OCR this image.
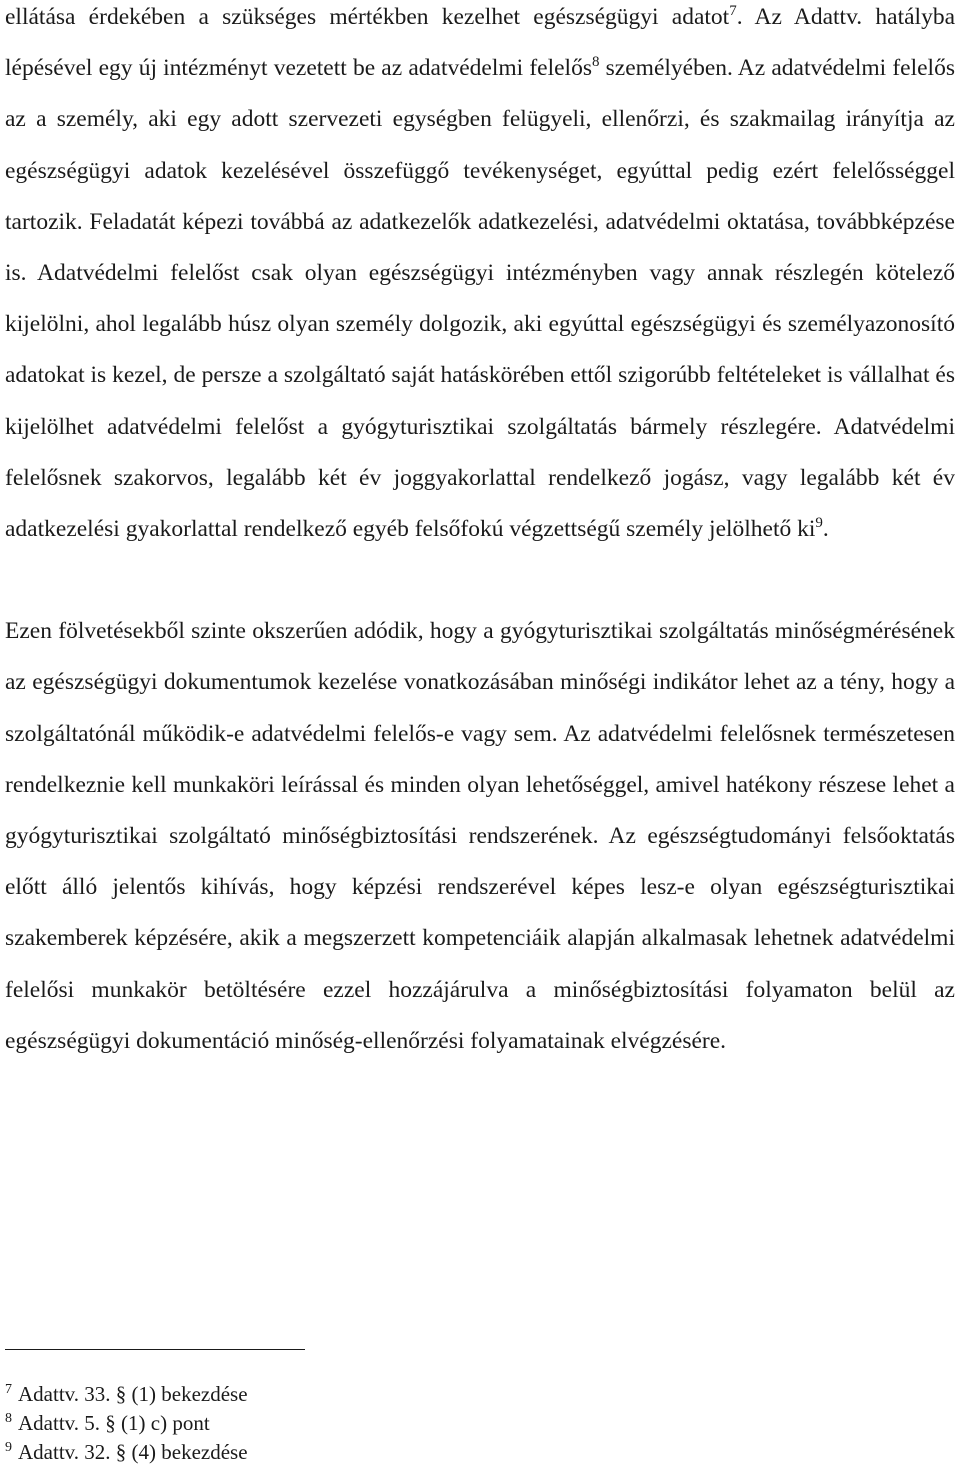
ellátása érdekében a szükséges mértékben kezelhet egészségügyi adatot$^7$. Az Adattv. hatályba lépésével egy új intézményt vezetett be az adatvédelmi felelős$^8$ személyében. Az adatvédelmi felelős az a személy, aki egy adott szervezeti egységben felügyeli, ellenőrzi, és szakmailag irányítja az egészségügyi adatok kezelésével összefüggő tevékenységet, egyúttal pedig ezért felelősséggel tartozik. Feladatát képezi továbbá az adatkezelők adatkezelési, adatvédelmi oktatása, továbbképzése is. Adatvédelmi felelőst csak olyan egészségügyi intézményben vagy annak részlegén kötelező kijelölni, ahol legalább húsz olyan személy dolgozik, aki egyúttal egészségügyi és személyazonosító adatokat is kezel, de persze a szolgáltató saját hatáskörében ettől szigorúbb feltételeket is vállalhat és kijelölhet adatvédelmi felelőst a gyógyturisztikai szolgáltatás bármely részlegére. Adatvédelmi felelősnek szakorvos, legalább két év joggyakorlattal rendelkező jogász, vagy legalább két év adatkezelési gyakorlattal rendelkező egyéb felsőfokú végzettségű személy jelölhető $ki^9$.

Ezen fölvetésekből szinte okszerűen adódik, hogy a gyógyturisztikai szolgáltatás minőségmérésének az egészségügyi dokumentumok kezelése vonatkozásában minőségi indikátor lehet az a tény, hogy a szolgáltatónál működik-e adatvédelmi felelős-e vagy sem. Az adatvédelmi felelősnek természetesen rendelkeznie kell munkaköri leírással és minden olyan lehetőséggel, amivel hatékony részese lehet a gyógyturisztikai szolgáltató minőségbiztosítási rendszerének. Az egészségtudományi felsőoktatás előtt álló jelentős kihívás, hogy képzési rendszerével képes lesz-e olyan egészségturisztikai szakemberek képzésére, akik a megszerzett kompetenciáik alapján alkalmasak lehetnek adatvédelmi felelősi munkakör betöltésére ezzel hozzájárulva a minőségbiztosítási folyamaton belül az egészségügyi dokumentáció minőség-ellenőrzési folyamatainak elvégzésére.

$^7$ Adattv. 33. § (1) bekezdése
$^8$ Adattv. 5. § (1) c) pont
$^9$ Adattv. 32. § (4) bekezdése
